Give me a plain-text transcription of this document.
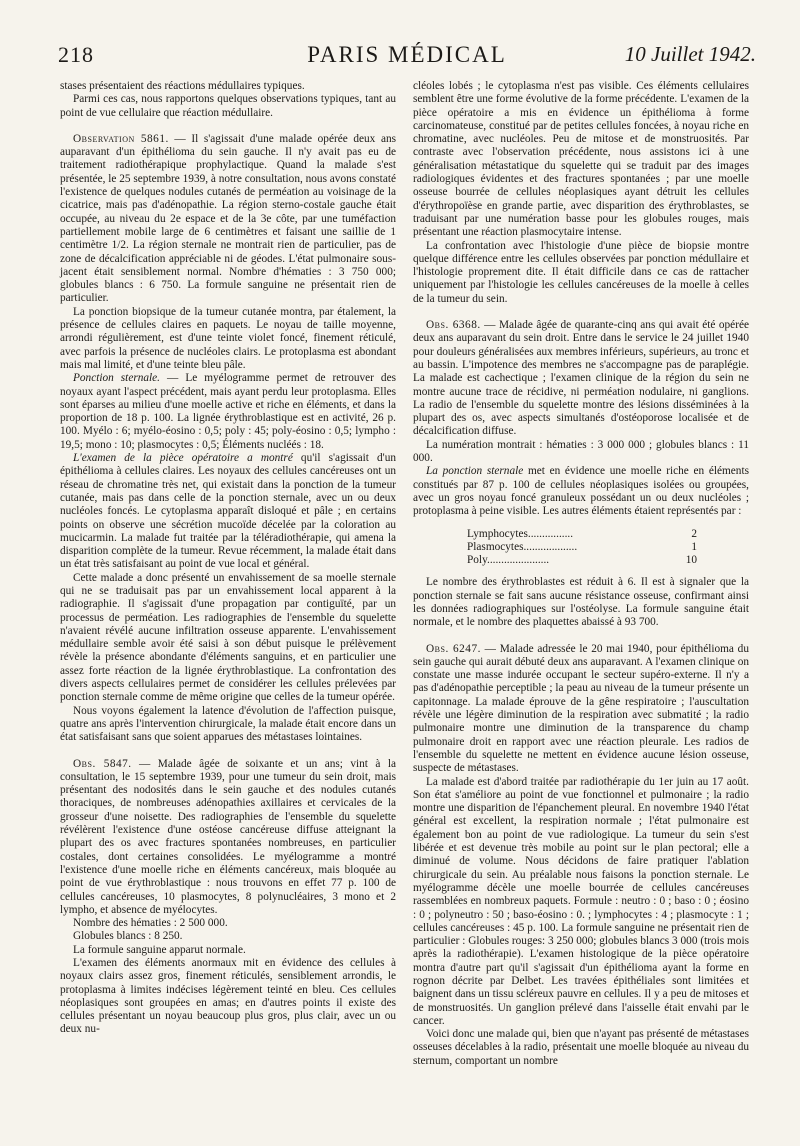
218	PARIS MÉDICAL	10 Juillet 1942.

stases présentaient des réactions médullaires typiques.

Parmi ces cas, nous rapportons quelques observations typiques, tant au point de vue cellulaire que réaction médullaire.

Observation 5861. — Il s'agissait d'une malade opérée deux ans auparavant d'un épithélioma du sein gauche. Il n'y avait pas eu de traitement radiothérapique prophylactique. Quand la malade s'est présentée, le 25 septembre 1939, à notre consultation, nous avons constaté l'existence de quelques nodules cutanés de perméation au voisinage de la cicatrice, mais pas d'adénopathie. La région sterno-costale gauche était occupée, au niveau du 2e espace et de la 3e côte, par une tuméfaction partiellement mobile large de 6 centimètres et faisant une saillie de 1 centimètre 1/2. La région sternale ne montrait rien de particulier, pas de zone de décalcification appréciable ni de géodes. L'état pulmonaire sous-jacent était sensiblement normal. Nombre d'hématies : 3 750 000; globules blancs : 6 750. La formule sanguine ne présentait rien de particulier.

La ponction biopsique de la tumeur cutanée montra, par étalement, la présence de cellules claires en paquets. Le noyau de taille moyenne, arrondi régulièrement, est d'une teinte violet foncé, finement réticulé, avec parfois la présence de nucléoles clairs. Le protoplasma est abondant mais mal limité, et d'une teinte bleu pâle.

Ponction sternale. — Le myélogramme permet de retrouver des noyaux ayant l'aspect précédent, mais ayant perdu leur protoplasma. Elles sont éparses au milieu d'une moelle active et riche en éléments, et dans la proportion de 18 p. 100. La lignée érythroblastique est en activité, 26 p. 100. Myélo : 6; myélo-éosino : 0,5; poly : 45; poly-éosino : 0,5; lympho : 19,5; mono : 10; plasmocytes : 0,5; Éléments nucléés : 18.

L'examen de la pièce opératoire a montré qu'il s'agissait d'un épithélioma à cellules claires. Les noyaux des cellules cancéreuses ont un réseau de chromatine très net, qui existait dans la ponction de la tumeur cutanée, mais pas dans celle de la ponction sternale, avec un ou deux nucléoles foncés. Le cytoplasma apparaît disloqué et pâle ; en certains points on observe une sécrétion mucoïde décelée par la coloration au mucicarmin. La malade fut traitée par la téléradiothérapie, qui amena la disparition complète de la tumeur. Revue récemment, la malade était dans un état très satisfaisant au point de vue local et général.

Cette malade a donc présenté un envahissement de sa moelle sternale qui ne se traduisait pas par un envahissement local apparent à la radiographie. Il s'agissait d'une propagation par contiguïté, par un processus de perméation. Les radiographies de l'ensemble du squelette n'avaient révélé aucune infiltration osseuse apparente. L'envahissement médullaire semble avoir été saisi à son début puisque le prélèvement révèle la présence abondante d'éléments sanguins, et en particulier une assez forte réaction de la lignée érythroblastique. La confrontation des divers aspects cellulaires permet de considérer les cellules prélevées par ponction sternale comme de même origine que celles de la tumeur opérée.

Nous voyons également la latence d'évolution de l'affection puisque, quatre ans après l'intervention chirurgicale, la malade était encore dans un état satisfaisant sans que soient apparues des métastases lointaines.

Obs. 5847. — Malade âgée de soixante et un ans; vint à la consultation, le 15 septembre 1939, pour une tumeur du sein droit, mais présentant des nodosités dans le sein gauche et des nodules cutanés thoraciques, de nombreuses adénopathies axillaires et cervicales de la grosseur d'une noisette. Des radiographies de l'ensemble du squelette révélèrent l'existence d'une ostéose cancéreuse diffuse atteignant la plupart des os avec fractures spontanées nombreuses, en particulier costales, dont certaines consolidées. Le myélogramme a montré l'existence d'une moelle riche en éléments cancéreux, mais bloquée au point de vue érythroblastique : nous trouvons en effet 77 p. 100 de cellules cancéreuses, 10 plasmocytes, 8 polynucléaires, 3 mono et 2 lympho, et absence de myélocytes.

Nombre des hématies : 2 500 000.

Globules blancs : 8 250.

La formule sanguine apparut normale.

L'examen des éléments anormaux mit en évidence des cellules à noyaux clairs assez gros, finement réticulés, sensiblement arrondis, le protoplasma à limites indécises légèrement teinté en bleu. Ces cellules néoplasiques sont groupées en amas; en d'autres points il existe des cellules présentant un noyau beaucoup plus gros, plus clair, avec un ou deux nu-

cléoles lobés ; le cytoplasma n'est pas visible. Ces éléments cellulaires semblent être une forme évolutive de la forme précédente. L'examen de la pièce opératoire a mis en évidence un épithélioma à forme carcinomateuse, constitué par de petites cellules foncées, à noyau riche en chromatine, avec nucléoles. Peu de mitose et de monstruosités. Par contraste avec l'observation précédente, nous assistons ici à une généralisation métastatique du squelette qui se traduit par des images radiologiques évidentes et des fractures spontanées ; par une moelle osseuse bourrée de cellules néoplasiques ayant détruit les cellules d'érythropoïèse en grande partie, avec disparition des érythroblastes, se traduisant par une numération basse pour les globules rouges, mais présentant une réaction plasmocytaire intense.

La confrontation avec l'histologie d'une pièce de biopsie montre quelque différence entre les cellules observées par ponction médullaire et l'histologie proprement dite. Il était difficile dans ce cas de rattacher uniquement par l'histologie les cellules cancéreuses de la moelle à celles de la tumeur du sein.

Obs. 6368. — Malade âgée de quarante-cinq ans qui avait été opérée deux ans auparavant du sein droit. Entre dans le service le 24 juillet 1940 pour douleurs généralisées aux membres inférieurs, supérieurs, au tronc et au bassin. L'impotence des membres ne s'accompagne pas de paraplégie. La malade est cachectique ; l'examen clinique de la région du sein ne montre aucune trace de récidive, ni perméation nodulaire, ni ganglions. La radio de l'ensemble du squelette montre des lésions disséminées à la plupart des os, avec aspects simultanés d'ostéoporose localisée et de décalcification diffuse.

La numération montrait : hématies : 3 000 000 ; globules blancs : 11 000.

La ponction sternale met en évidence une moelle riche en éléments constitués par 87 p. 100 de cellules néoplasiques isolées ou groupées, avec un gros noyau foncé granuleux possédant un ou deux nucléoles ; protoplasma à peine visible. Les autres éléments étaient représentés par :

Lymphocytes................	2
Plasmocytes...................	1
Poly......................	10

Le nombre des érythroblastes est réduit à 6. Il est à signaler que la ponction sternale se fait sans aucune résistance osseuse, confirmant ainsi les données radiographiques sur l'ostéolyse. La formule sanguine était normale, et le nombre des plaquettes abaissé à 93 700.

Obs. 6247. — Malade adressée le 20 mai 1940, pour épithélioma du sein gauche qui aurait débuté deux ans auparavant. A l'examen clinique on constate une masse indurée occupant le secteur supéro-externe. Il n'y a pas d'adénopathie perceptible ; la peau au niveau de la tumeur présente un capitonnage. La malade éprouve de la gêne respiratoire ; l'auscultation révèle une légère diminution de la respiration avec submatité ; la radio pulmonaire montre une diminution de la transparence du champ pulmonaire droit en rapport avec une réaction pleurale. Les radios de l'ensemble du squelette ne mettent en évidence aucune lésion osseuse, suspecte de métastases.

La malade est d'abord traitée par radiothérapie du 1er juin au 17 août. Son état s'améliore au point de vue fonctionnel et pulmonaire ; la radio montre une disparition de l'épanchement pleural. En novembre 1940 l'état général est excellent, la respiration normale ; l'état pulmonaire est également bon au point de vue radiologique. La tumeur du sein s'est libérée et est devenue très mobile au point sur le plan pectoral; elle a diminué de volume. Nous décidons de faire pratiquer l'ablation chirurgicale du sein. Au préalable nous faisons la ponction sternale. Le myélogramme décèle une moelle bourrée de cellules cancéreuses rassemblées en nombreux paquets. Formule : neutro : 0 ; baso : 0 ; éosino : 0 ; polyneutro : 50 ; baso-éosino : 0. ; lymphocytes : 4 ; plasmocyte : 1 ; cellules cancéreuses : 45 p. 100. La formule sanguine ne présentait rien de particulier : Globules rouges: 3 250 000; globules blancs 3 000 (trois mois après la radiothérapie). L'examen histologique de la pièce opératoire montra d'autre part qu'il s'agissait d'un épithélioma ayant la forme en rognon décrite par Delbet. Les travées épithéliales sont limitées et baignent dans un tissu scléreux pauvre en cellules. Il y a peu de mitoses et de monstruosités. Un ganglion prélevé dans l'aisselle était envahi par le cancer.

Voici donc une malade qui, bien que n'ayant pas présenté de métastases osseuses décelables à la radio, présentait une moelle bloquée au niveau du sternum, comportant un nombre
